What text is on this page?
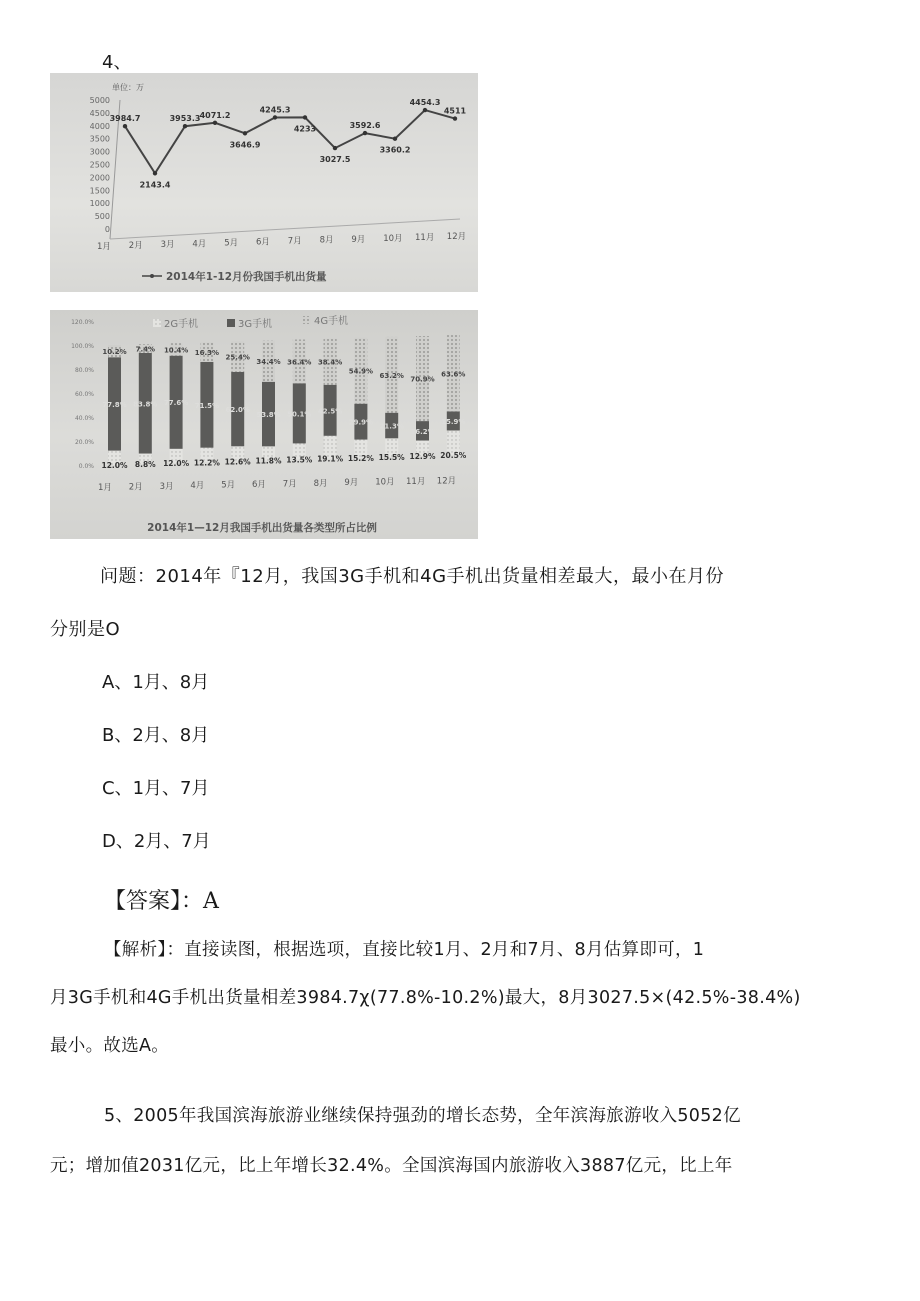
4、
单位：万
5000
4500
4000
3500
3000
2500
2000
1500
1000
500
0
3984.7
2143.4
3953.3 4071.2
3646.9
4245.3
4233
3027.5
3592.6
3360.2
4454.3
4511
1月 2月 3月 4月 5月 6月 7月 8月 9月 10月 11月 12月
2014年1-12月份我国手机出货量
2G手机	3G手机	4G手机
120.0%
100.0%
80.0%
60.0%
40.0%
20.0%
0.0% 12.0%
77.8%
10.2%
8.8%
83.8%
7.4%
12.0%
77.6%
10.4%
12.2%
71.5%
16.3%
12.6%
62.0%
25.4%
11.8%
53.8%
34.4%
13.5%
50.1%
36.4%
19.1%
42.5%
38.4%
15.2%
29.9%
54.9%
15.5%
21.3%
63.2%
12.9%
16.2%
70.9%
20.5%
15.9%
63.6%
1月 2月 3月 4月 5月 6月 7月 8月 9月 10月 11月 12月
2014年1—12月我国手机出货量各类型所占比例
问题：2014年『12月，我国3G手机和4G手机出货量相差最大，最小在月份
分别是O
A、1月、8月
B、2月、8月
C、1月、7月
D、2月、7月
【答案】：A
【解析】：直接读图，根据选项，直接比较1月、2月和7月、8月估算即可，1
月3G手机和4G手机出货量相差3984.7χ(77.8%-10.2%)最大，8月3027.5×(42.5%-38.4%)
最小。故选A。
5、2005年我国滨海旅游业继续保持强劲的增长态势，全年滨海旅游收入5052亿
元；增加值2031亿元，比上年增长32.4%。全国滨海国内旅游收入3887亿元，比上年
